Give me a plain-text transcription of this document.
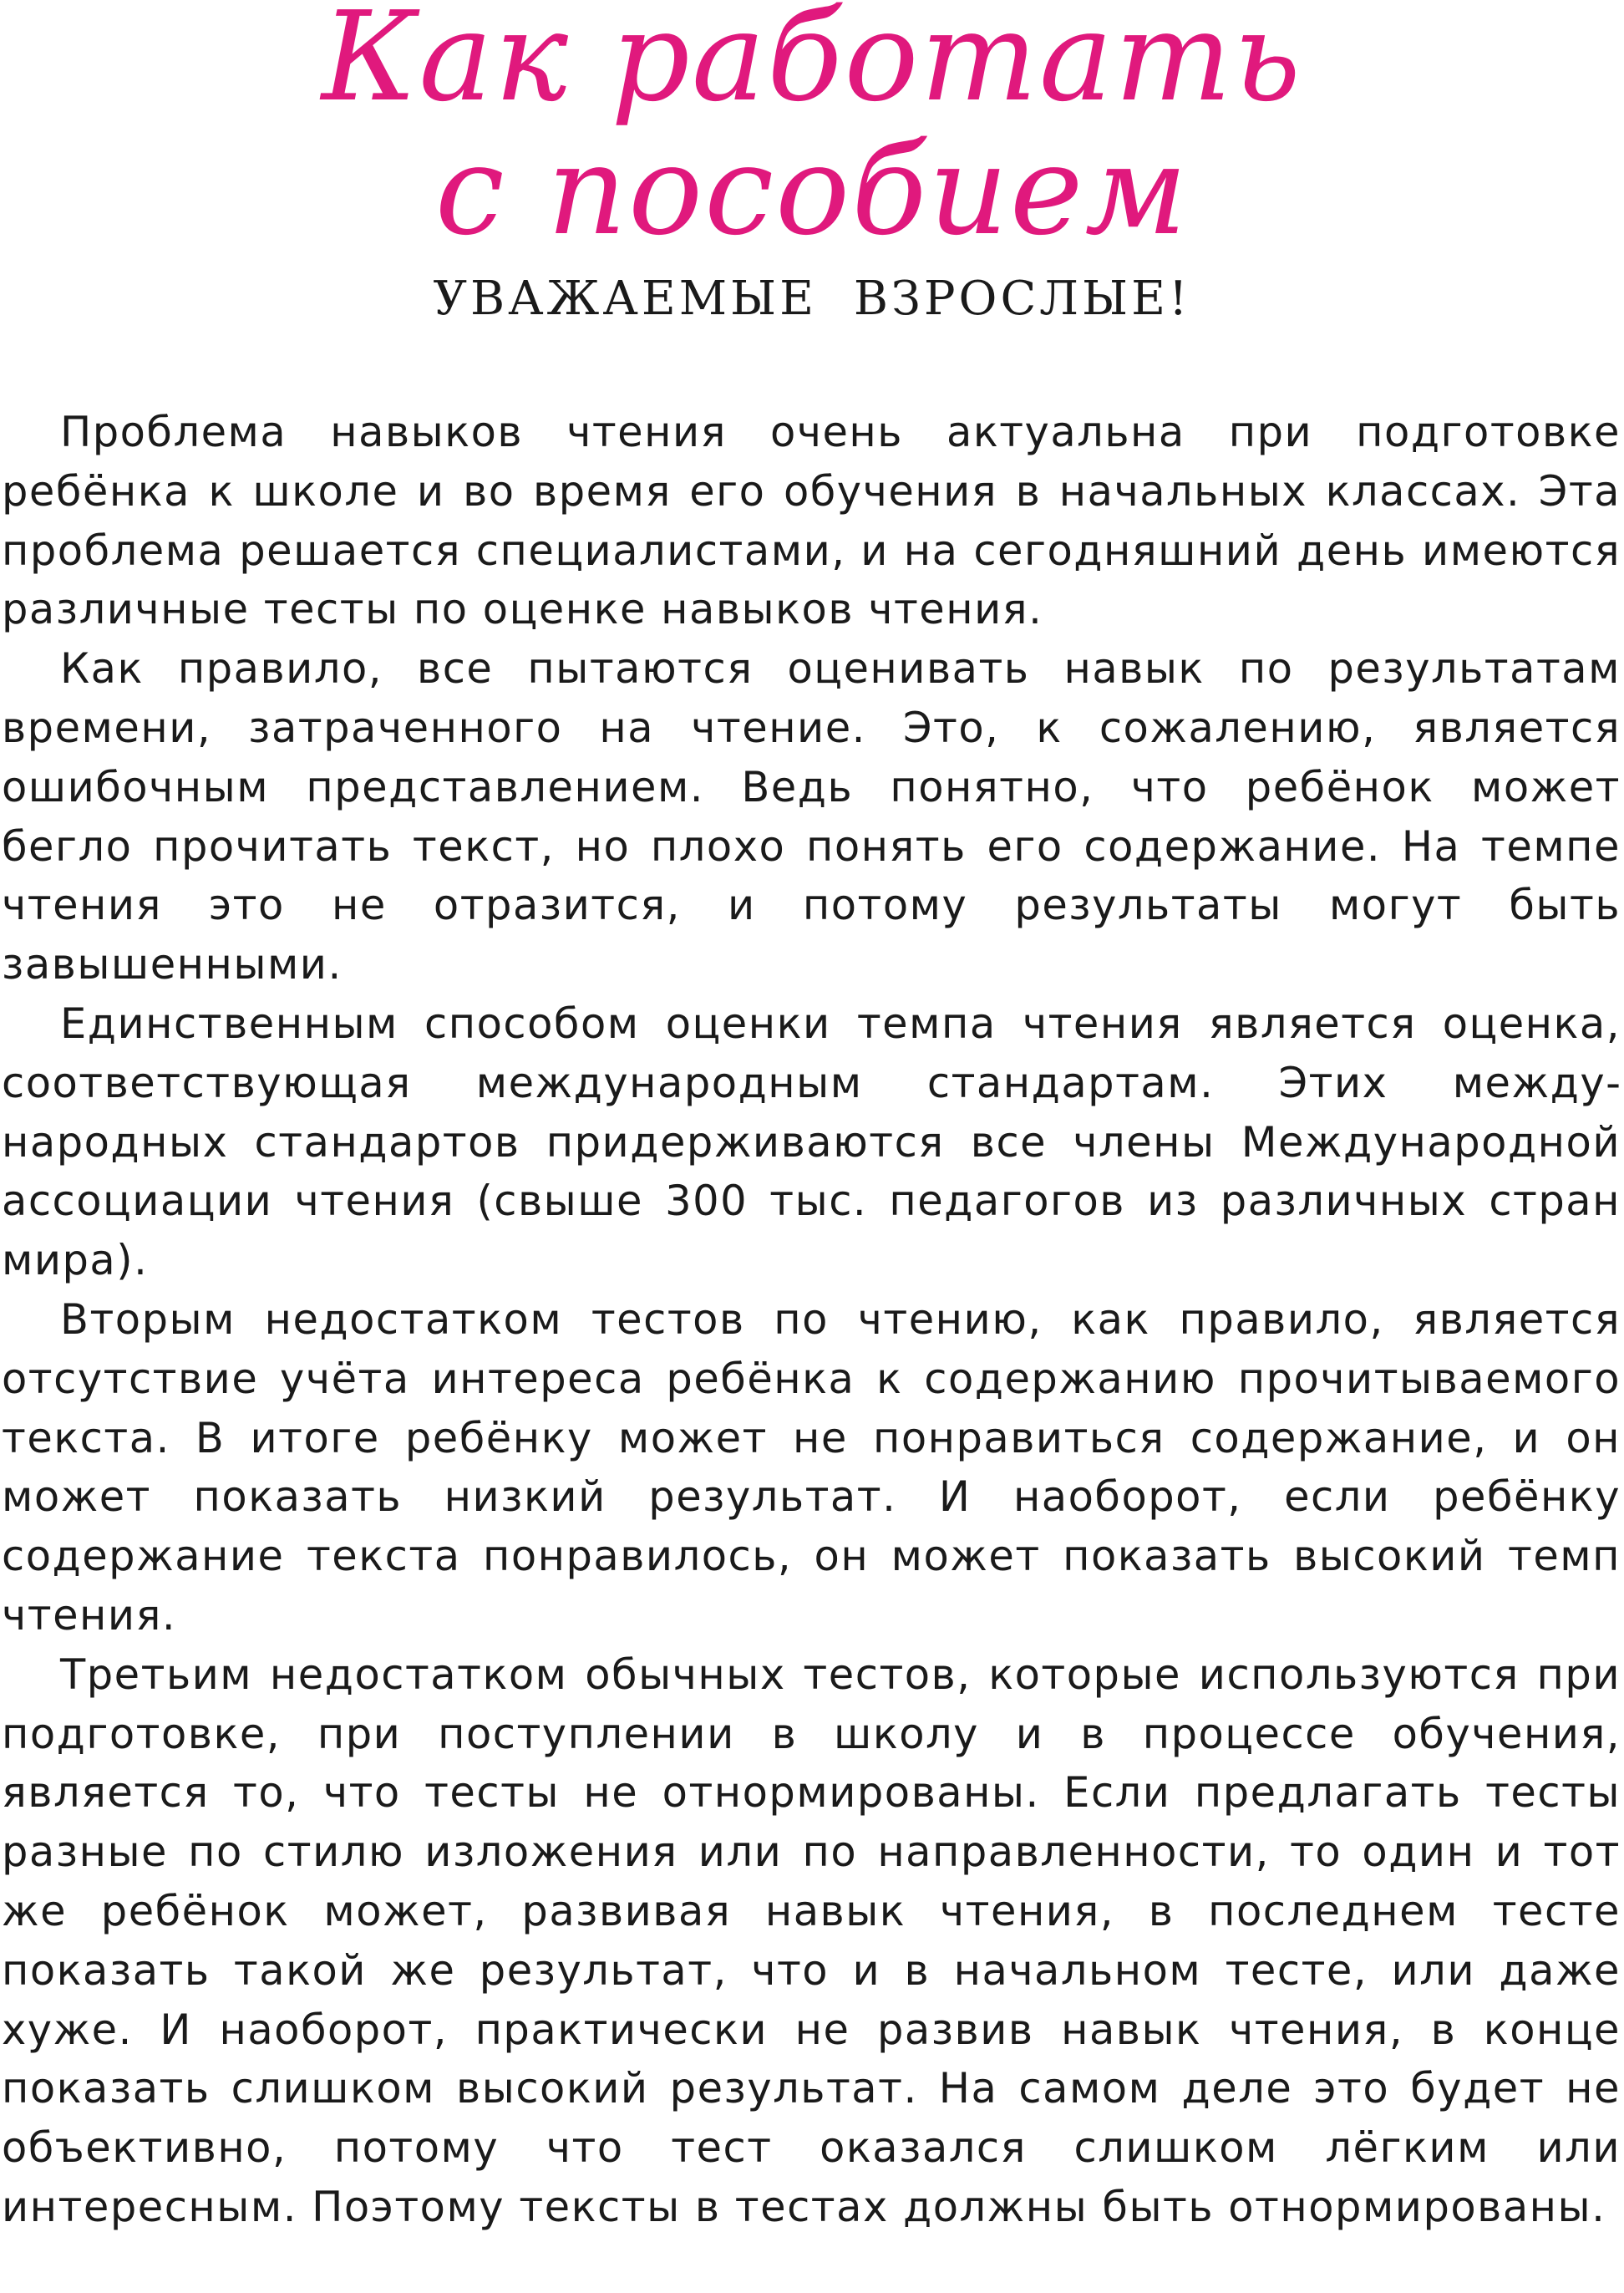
Как работать
с пособием
УВАЖАЕМЫЕ ВЗРОСЛЫЕ!

Проблема навыков чтения очень актуальна при подготовке ребёнка к школе и во время его обучения в начальных классах. Эта проблема решается специалистами, и на сегодняшний день имеются различные тесты по оценке навыков чтения.

Как правило, все пытаются оценивать навык по результатам времени, затраченного на чтение. Это, к сожалению, является ошибочным представлением. Ведь понятно, что ребёнок может бегло прочитать текст, но плохо понять его содержание. На темпе чтения это не отразится, и потому результаты могут быть завышенными.

Единственным способом оценки темпа чтения является оценка, соответствующая международным стандартам. Этих международных стандартов придерживаются все члены Международной ассоциации чтения (свыше 300 тыс. педагогов из различных стран мира).

Вторым недостатком тестов по чтению, как правило, является отсутствие учёта интереса ребёнка к содержанию прочитываемого текста. В итоге ребёнку может не понравиться содержание, и он может показать низкий результат. И наоборот, если ребёнку содержание текста понравилось, он может показать высокий темп чтения.

Третьим недостатком обычных тестов, которые используются при подготовке, при поступлении в школу и в процессе обучения, является то, что тесты не отнормированы. Если предлагать тесты разные по стилю изложения или по направленности, то один и тот же ребёнок может, развивая навык чтения, в последнем тесте показать такой же результат, что и в начальном тесте, или даже хуже. И наоборот, практически не развив навык чтения, в конце показать слишком высокий результат. На самом деле это будет не объективно, потому что тест оказался слишком лёгким или интересным. Поэтому тексты в тестах должны быть отнормированы.
